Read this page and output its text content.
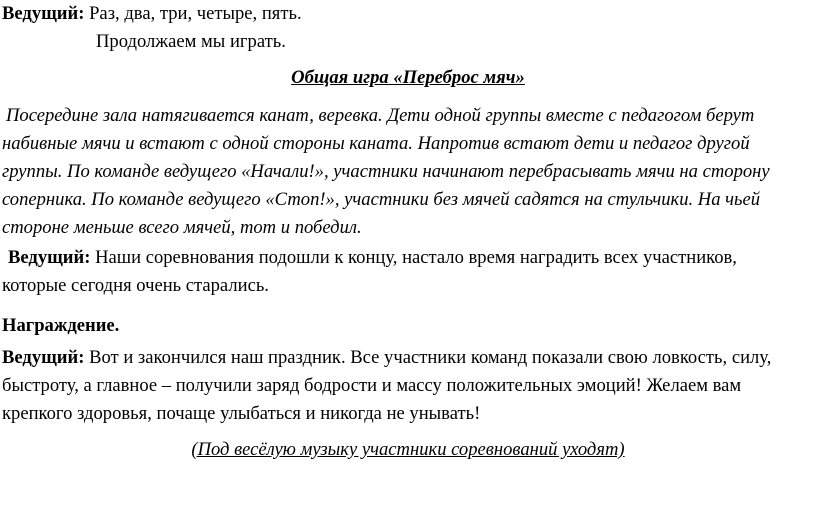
Ведущий: Раз, два, три, четыре, пять.

Продолжаем мы играть.

Общая игра «Переброс мяч»

Посередине зала натягивается канат, веревка. Дети одной группы вместе с педагогом берут набивные мячи и встают с одной стороны каната. Напротив встают дети и педагог другой группы. По команде ведущего «Начали!», участники начинают перебрасывать мячи на сторону соперника. По команде ведущего «Стоп!», участники без мячей садятся на стульчики. На чьей стороне меньше всего мячей, тот и победил.

Ведущий: Наши соревнования подошли к концу, настало время наградить всех участников, которые сегодня очень старались.

Награждение.

Ведущий: Вот и закончился наш праздник. Все участники команд показали свою ловкость, силу, быстроту, а главное – получили заряд бодрости и массу положительных эмоций! Желаем вам крепкого здоровья, почаще улыбаться и никогда не унывать!

(Под весёлую музыку участники соревнований уходят)
